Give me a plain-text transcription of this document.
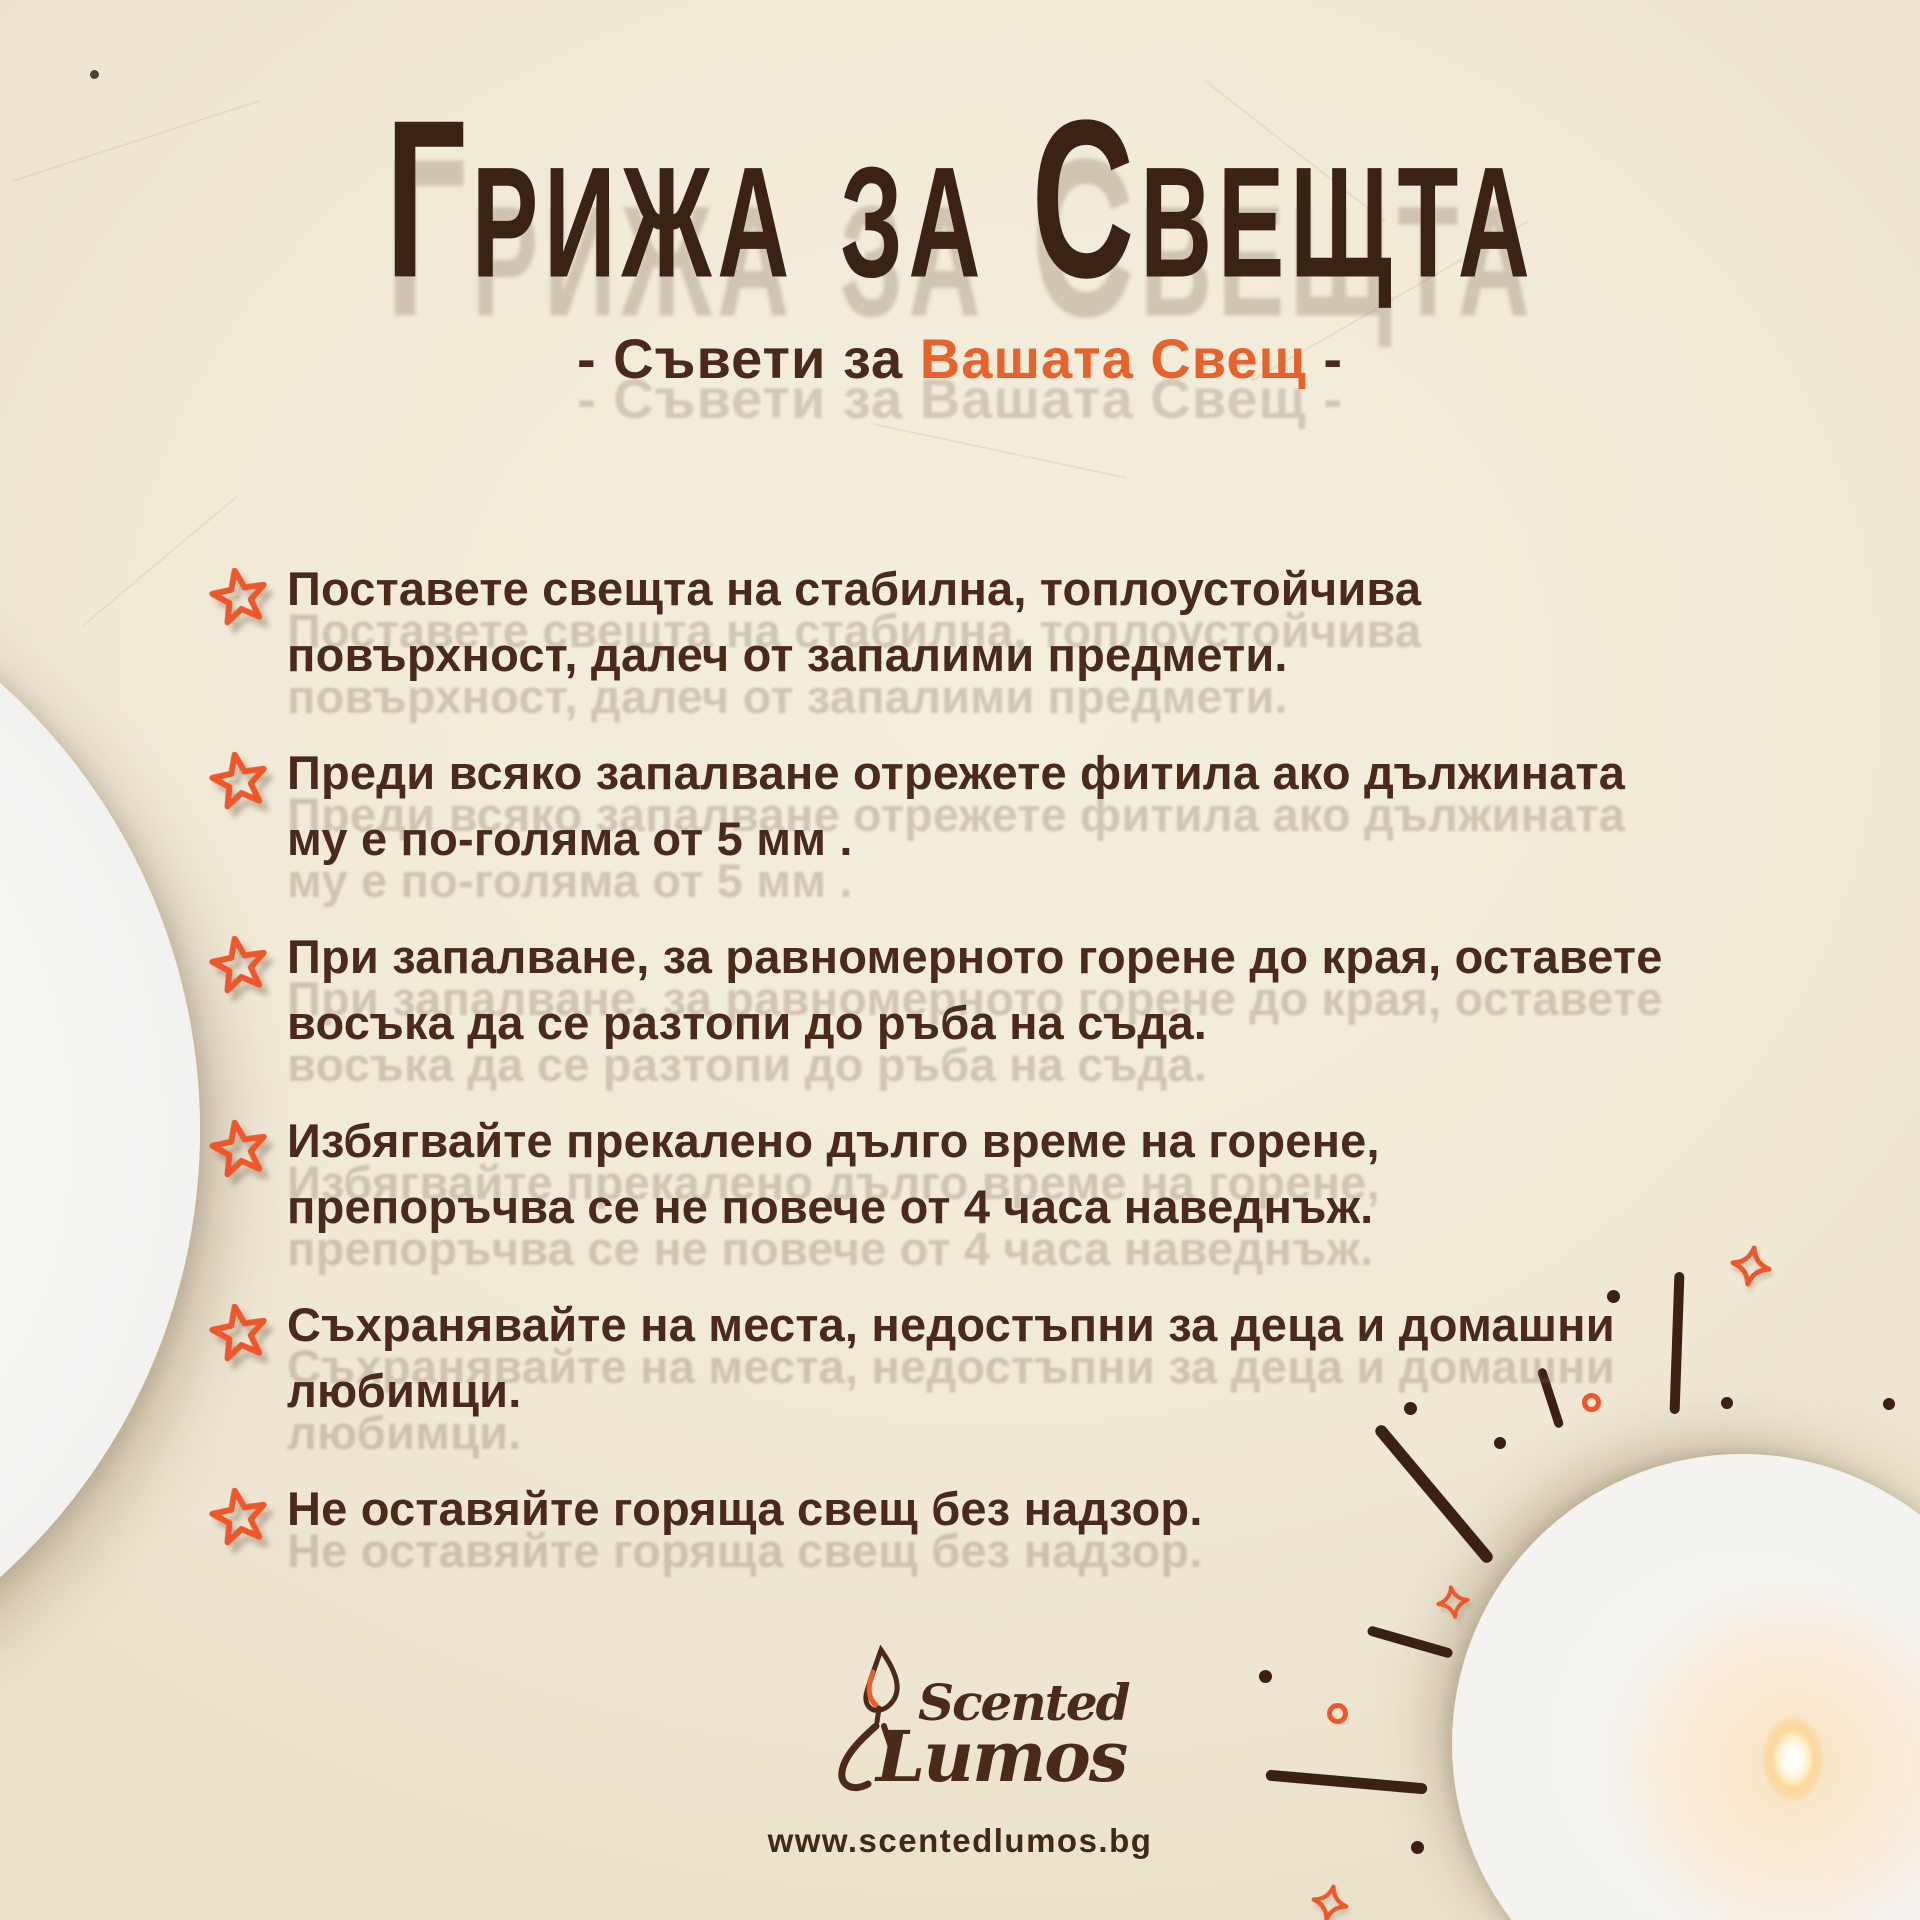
Грижа за Свещта
- Съвети за Вашата Свещ -

Поставете свещта на стабилна, топлоустойчива повърхност, далеч от запалими предмети.

Преди всяко запалване отрежете фитила ако дължината му е по-голяма от 5 мм .

При запалване, за равномерното горене до края, оставете восъка да се разтопи до ръба на съда.

Избягвайте прекалено дълго време на горене, препоръчва се не повече от 4 часа наведнъж.

Съхранявайте на места, недостъпни за деца и домашни любимци.

Не оставяйте горяща свещ без надзор.

Scented
Lumos
www.scentedlumos.bg
